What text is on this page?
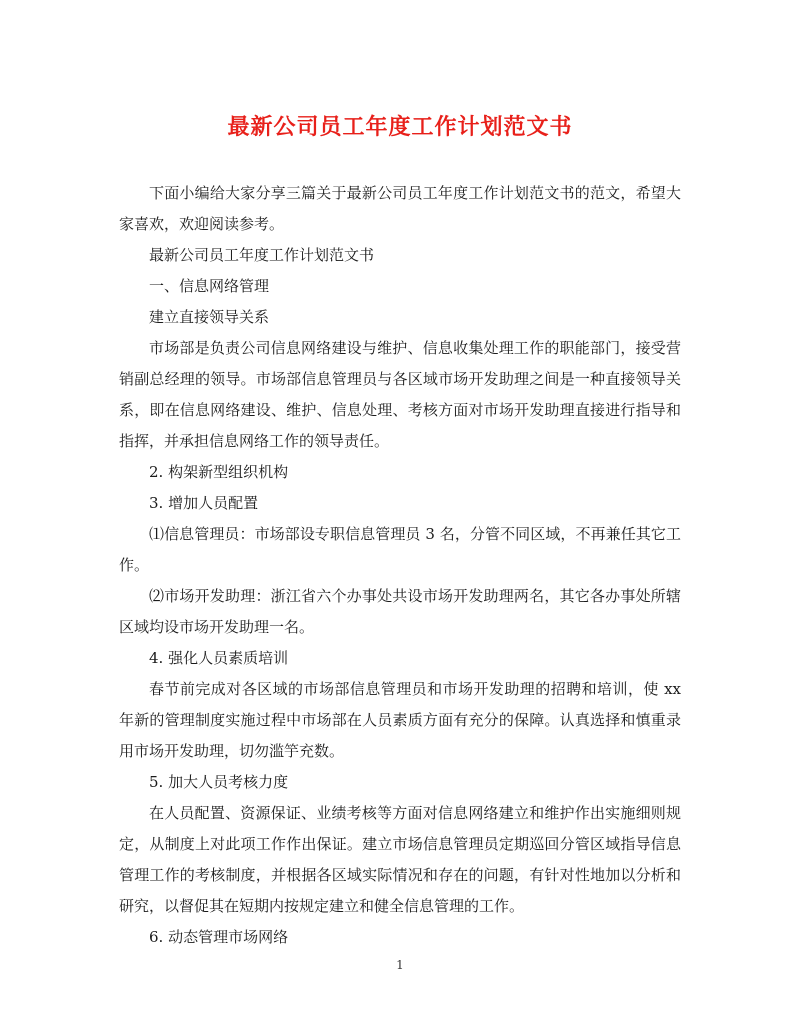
最新公司员工年度工作计划范文书

下面小编给大家分享三篇关于最新公司员工年度工作计划范文书的范文，希望大家喜欢，欢迎阅读参考。

最新公司员工年度工作计划范文书

一、信息网络管理

建立直接领导关系

市场部是负责公司信息网络建设与维护、信息收集处理工作的职能部门，接受营销副总经理的领导。市场部信息管理员与各区域市场开发助理之间是一种直接领导关系，即在信息网络建设、维护、信息处理、考核方面对市场开发助理直接进行指导和指挥，并承担信息网络工作的领导责任。

2. 构架新型组织机构

3. 增加人员配置

⑴信息管理员：市场部设专职信息管理员 3 名，分管不同区域，不再兼任其它工作。

⑵市场开发助理：浙江省六个办事处共设市场开发助理两名，其它各办事处所辖区域均设市场开发助理一名。

4. 强化人员素质培训

春节前完成对各区域的市场部信息管理员和市场开发助理的招聘和培训，使 xx 年新的管理制度实施过程中市场部在人员素质方面有充分的保障。认真选择和慎重录用市场开发助理，切勿滥竽充数。

5. 加大人员考核力度

在人员配置、资源保证、业绩考核等方面对信息网络建立和维护作出实施细则规定，从制度上对此项工作作出保证。建立市场信息管理员定期巡回分管区域指导信息管理工作的考核制度，并根据各区域实际情况和存在的问题，有针对性地加以分析和研究，以督促其在短期内按规定建立和健全信息管理的工作。

6. 动态管理市场网络

1
